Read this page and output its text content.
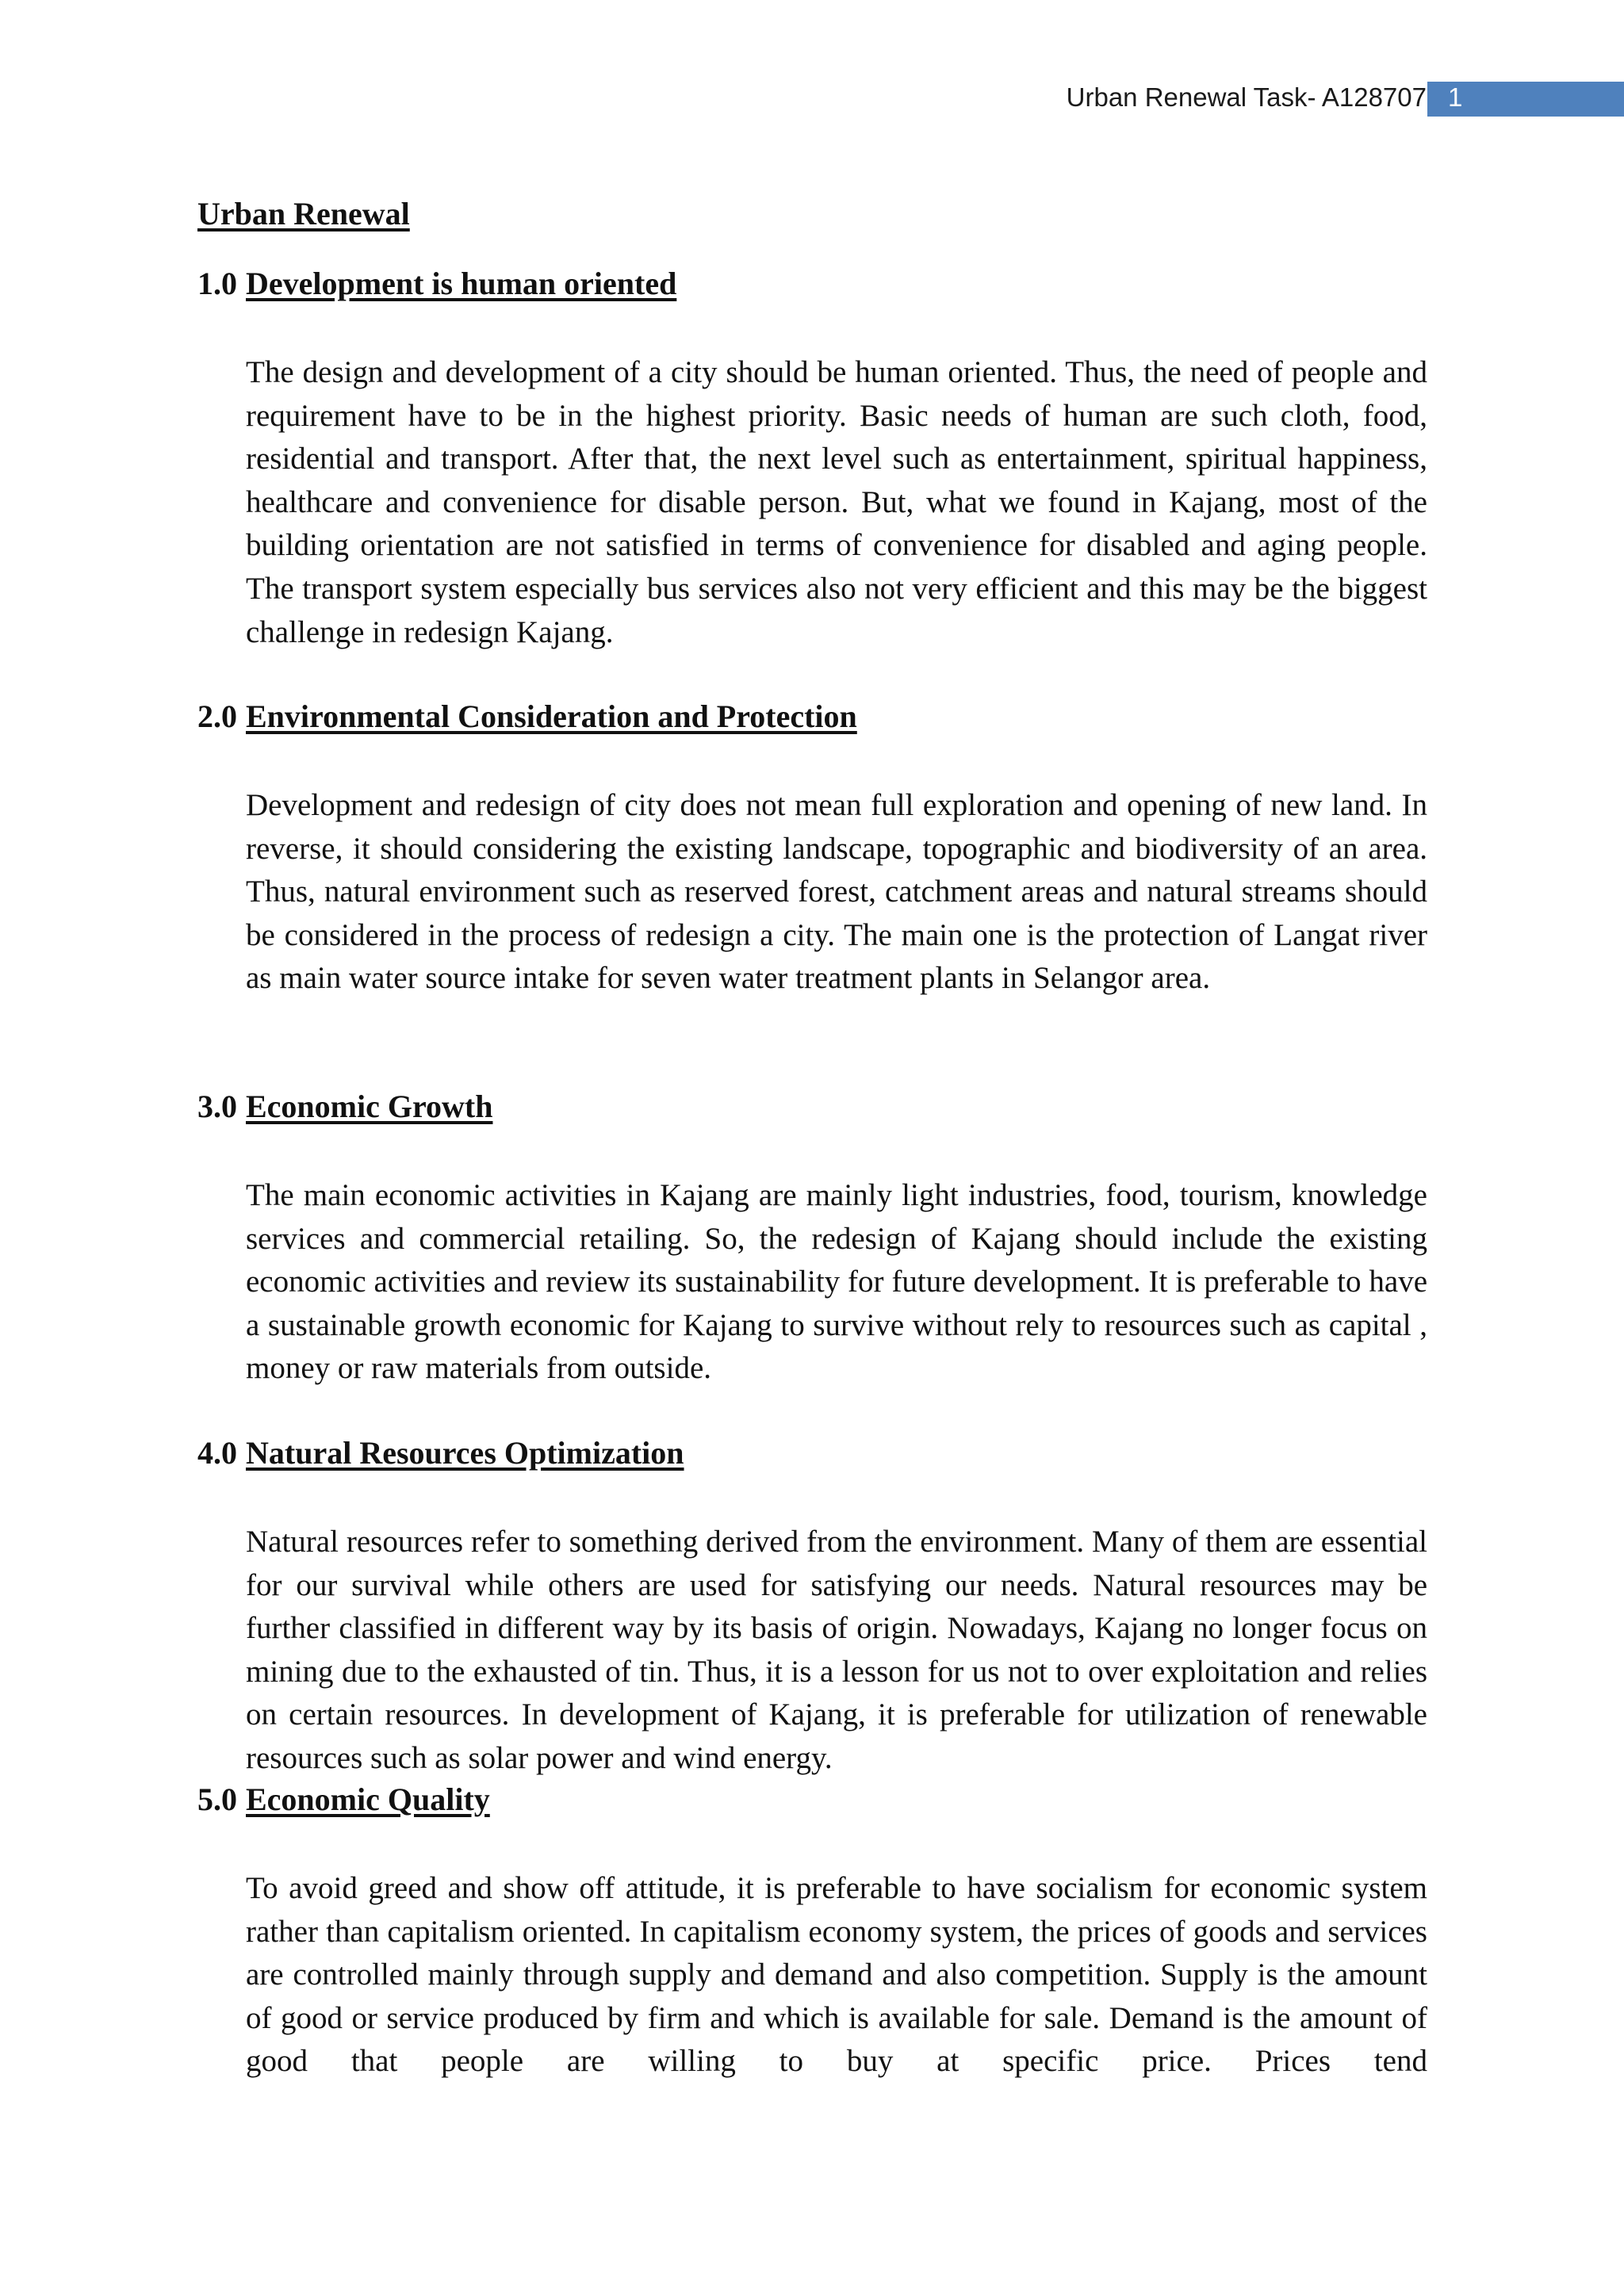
Urban Renewal Task- A128707 1
Urban Renewal
1.0 Development is human oriented

The design and development of a city should be human oriented. Thus, the need of people and requirement have to be in the highest priority. Basic needs of human are such cloth, food, residential and transport. After that, the next level such as entertainment, spiritual happiness, healthcare and convenience for disable person. But, what we found in Kajang, most of the building orientation are not satisfied in terms of convenience for disabled and aging people. The transport system especially bus services also not very efficient and this may be the biggest challenge in redesign Kajang.

2.0 Environmental Consideration and Protection

Development and redesign of city does not mean full exploration and opening of new land. In reverse, it should considering the existing landscape, topographic and biodiversity of an area. Thus, natural environment such as reserved forest, catchment areas and natural streams should be considered in the process of redesign a city. The main one is the protection of Langat river as main water source intake for seven water treatment plants in Selangor area.

3.0 Economic Growth

The main economic activities in Kajang are mainly light industries, food, tourism, knowledge services and commercial retailing. So, the redesign of Kajang should include the existing economic activities and review its sustainability for future development. It is preferable to have a sustainable growth economic for Kajang to survive without rely to resources such as capital , money or raw materials from outside.

4.0 Natural Resources Optimization

Natural resources refer to something derived from the environment. Many of them are essential for our survival while others are used for satisfying our needs. Natural resources may be further classified in different way by its basis of origin. Nowadays, Kajang no longer focus on mining due to the exhausted of tin. Thus, it is a lesson for us not to over exploitation and relies on certain resources. In development of Kajang, it is preferable for utilization of renewable resources such as solar power and wind energy.

5.0 Economic Quality

To avoid greed and show off attitude, it is preferable to have socialism for economic system rather than capitalism oriented. In capitalism economy system, the prices of goods and services are controlled mainly through supply and demand and also competition. Supply is the amount of good or service produced by firm and which is available for sale. Demand is the amount of good that people are willing to buy at specific price. Prices tend
